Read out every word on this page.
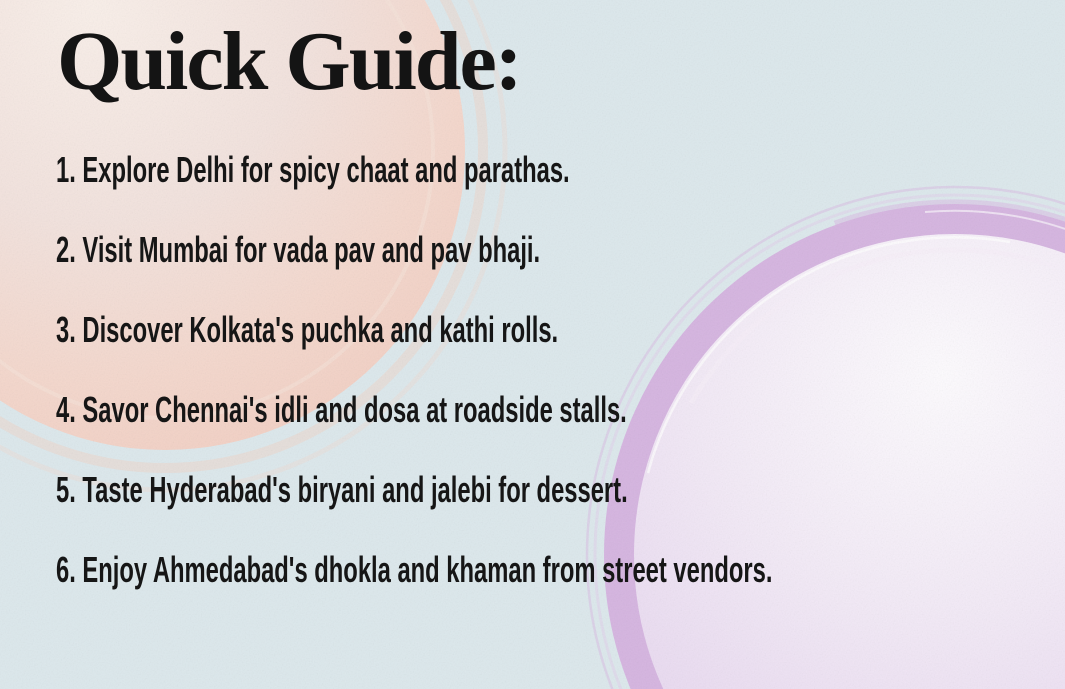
Quick Guide:
1. Explore Delhi for spicy chaat and parathas.
2. Visit Mumbai for vada pav and pav bhaji.
3. Discover Kolkata's puchka and kathi rolls.
4. Savor Chennai's idli and dosa at roadside stalls.
5. Taste Hyderabad's biryani and jalebi for dessert.
6. Enjoy Ahmedabad's dhokla and khaman from street vendors.
